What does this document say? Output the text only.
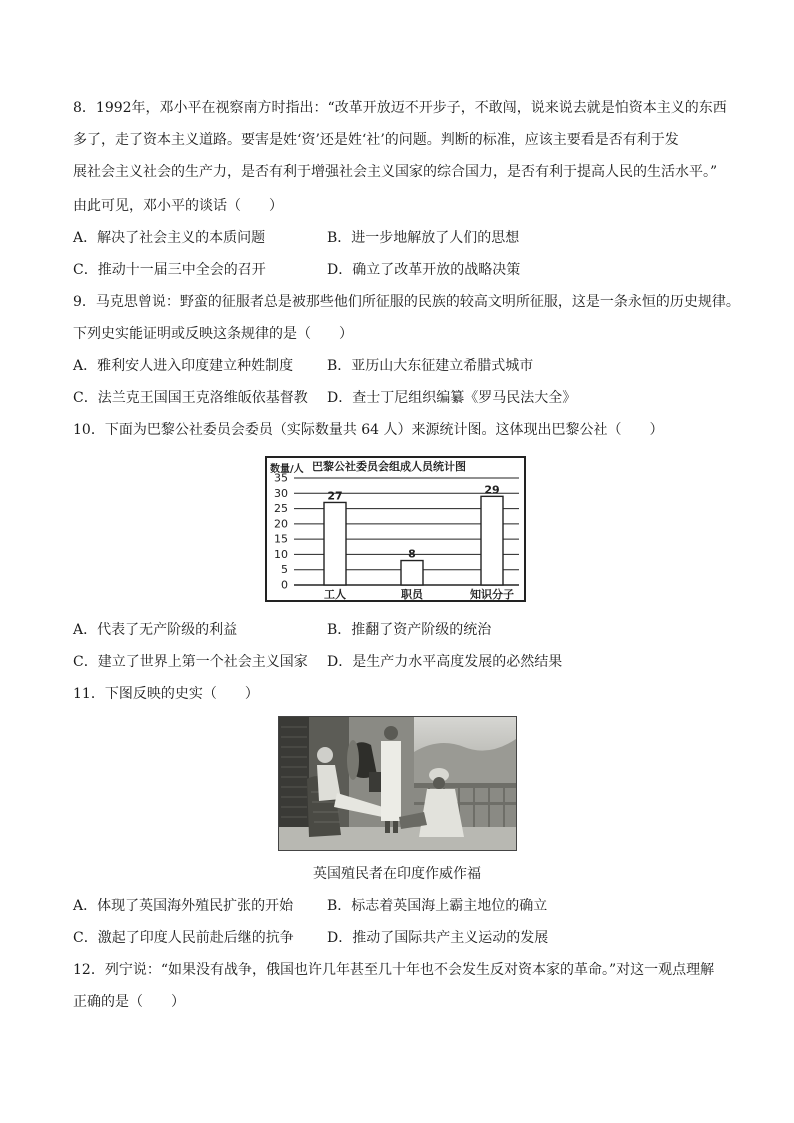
8．1992年，邓小平在视察南方时指出：“改革开放迈不开步子，不敢闯，说来说去就是怕资本主义的东西
多了，走了资本主义道路。要害是姓‘资’还是姓‘社’的问题。判断的标准，应该主要看是否有利于发
展社会主义社会的生产力，是否有利于增强社会主义国家的综合国力，是否有利于提高人民的生活水平。”
由此可见，邓小平的谈话（　　）
A．解决了社会主义的本质问题	B．进一步地解放了人们的思想
C．推动十一届三中全会的召开	D．确立了改革开放的战略决策
9．马克思曾说：野蛮的征服者总是被那些他们所征服的民族的较高文明所征服，这是一条永恒的历史规律。
下列史实能证明或反映这条规律的是（　　）
A．雅利安人进入印度建立种姓制度 B．亚历山大东征建立希腊式城市
C．法兰克王国国王克洛维皈依基督教 D．查士丁尼组织编纂《罗马民法大全》
10．下面为巴黎公社委员会委员（实际数量共 64 人）来源统计图。这体现出巴黎公社（　　）
数量/人 巴黎公社委员会组成人员统计图
0
5
10
15
20
25
30
35
27
8
29
工人	职员	知识分子
A．代表了无产阶级的利益	B．推翻了资产阶级的统治
C．建立了世界上第一个社会主义国家 D．是生产力水平高度发展的必然结果
11．下图反映的史实（　　）
英国殖民者在印度作威作福
A．体现了英国海外殖民扩张的开始 B．标志着英国海上霸主地位的确立
C．激起了印度人民前赴后继的抗争 D．推动了国际共产主义运动的发展
12．列宁说：“如果没有战争，俄国也许几年甚至几十年也不会发生反对资本家的革命。”对这一观点理解
正确的是（　　）
